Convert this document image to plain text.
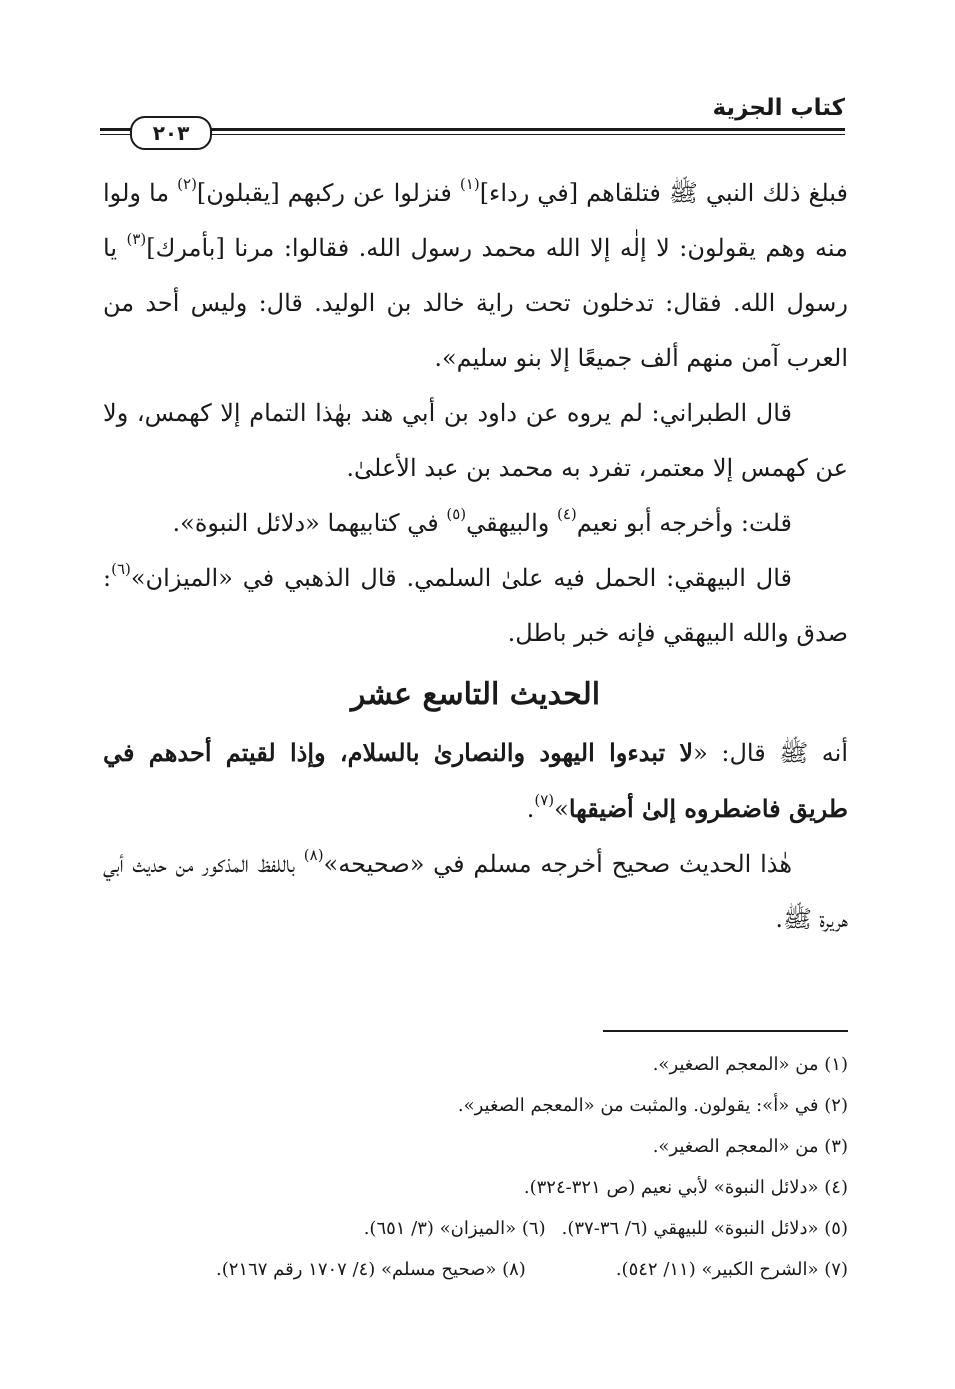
كتاب الجزية
٢٠٣

فبلغ ذلك النبي ﷺ فتلقاهم [في رداء]$^{(١)}$ فنزلوا عن ركبهم [يقبلون]$^{(٢)}$ ما ولوا منه وهم يقولون: لا إلٰه إلا الله محمد رسول الله. فقالوا: مرنا [بأمرك]$^{(٣)}$ يا رسول الله. فقال: تدخلون تحت راية خالد بن الوليد. قال: وليس أحد من العرب آمن منهم ألف جميعًا إلا بنو سليم».

قال الطبراني: لم يروه عن داود بن أبي هند بهٰذا التمام إلا كهمس، ولا عن كهمس إلا معتمر، تفرد به محمد بن عبد الأعلىٰ.

قلت: وأخرجه أبو نعيم$^{(٤)}$ والبيهقي$^{(٥)}$ في كتابيهما «دلائل النبوة».

قال البيهقي: الحمل فيه علىٰ السلمي. قال الذهبي في «الميزان»$^{(٦)}$: صدق والله البيهقي فإنه خبر باطل.

الحديث التاسع عشر

أنه ﷺ قال: «لا تبدءوا اليهود والنصارىٰ بالسلام، وإذا لقيتم أحدهم في طريق فاضطروه إلىٰ أضيقها»$^{(٧)}$.

هٰذا الحديث صحيح أخرجه مسلم في «صحيحه»$^{(٨)}$ باللفظ المذكور من حديث أبي هريرة ﷺ.

(١) من «المعجم الصغير».

(٢) في «أ»: يقولون. والمثبت من «المعجم الصغير».

(٣) من «المعجم الصغير».

(٤) «دلائل النبوة» لأبي نعيم (ص ٣٢١-٣٢٤).

(٥) «دلائل النبوة» للبيهقي (٦/ ٣٦-٣٧).(٦) «الميزان» (٣/ ٦٥١).

(٧) «الشرح الكبير» (١١/ ٥٤٢).(٨) «صحيح مسلم» (٤/ ١٧٠٧ رقم ٢١٦٧).
